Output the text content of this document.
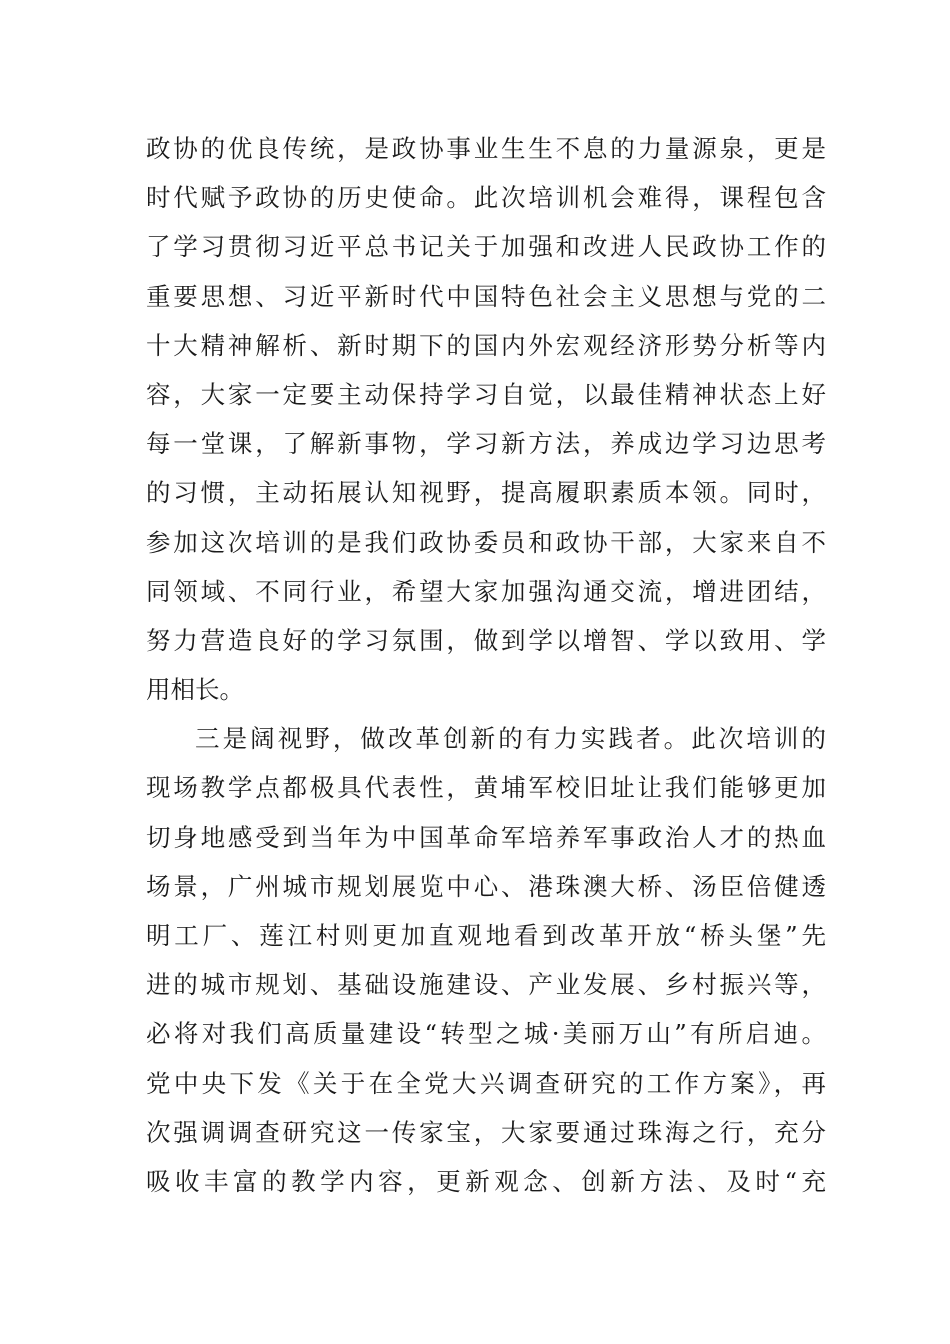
政协的优良传统，是政协事业生生不息的力量源泉，更是
时代赋予政协的历史使命。此次培训机会难得，课程包含
了学习贯彻习近平总书记关于加强和改进人民政协工作的
重要思想、习近平新时代中国特色社会主义思想与党的二
十大精神解析、新时期下的国内外宏观经济形势分析等内
容，大家一定要主动保持学习自觉，以最佳精神状态上好
每一堂课，了解新事物，学习新方法，养成边学习边思考
的习惯，主动拓展认知视野，提高履职素质本领。同时，
参加这次培训的是我们政协委员和政协干部，大家来自不
同领域、不同行业，希望大家加强沟通交流，增进团结，
努力营造良好的学习氛围，做到学以增智、学以致用、学
用相长。
三是阔视野，做改革创新的有力实践者。此次培训的
现场教学点都极具代表性，黄埔军校旧址让我们能够更加
切身地感受到当年为中国革命军培养军事政治人才的热血
场景，广州城市规划展览中心、港珠澳大桥、汤臣倍健透
明工厂、莲江村则更加直观地看到改革开放“桥头堡”先
进的城市规划、基础设施建设、产业发展、乡村振兴等，
必将对我们高质量建设“转型之城·美丽万山”有所启迪。
党中央下发《关于在全党大兴调查研究的工作方案》，再
次强调调查研究这一传家宝，大家要通过珠海之行，充分
吸收丰富的教学内容，更新观念、创新方法、及时“充
